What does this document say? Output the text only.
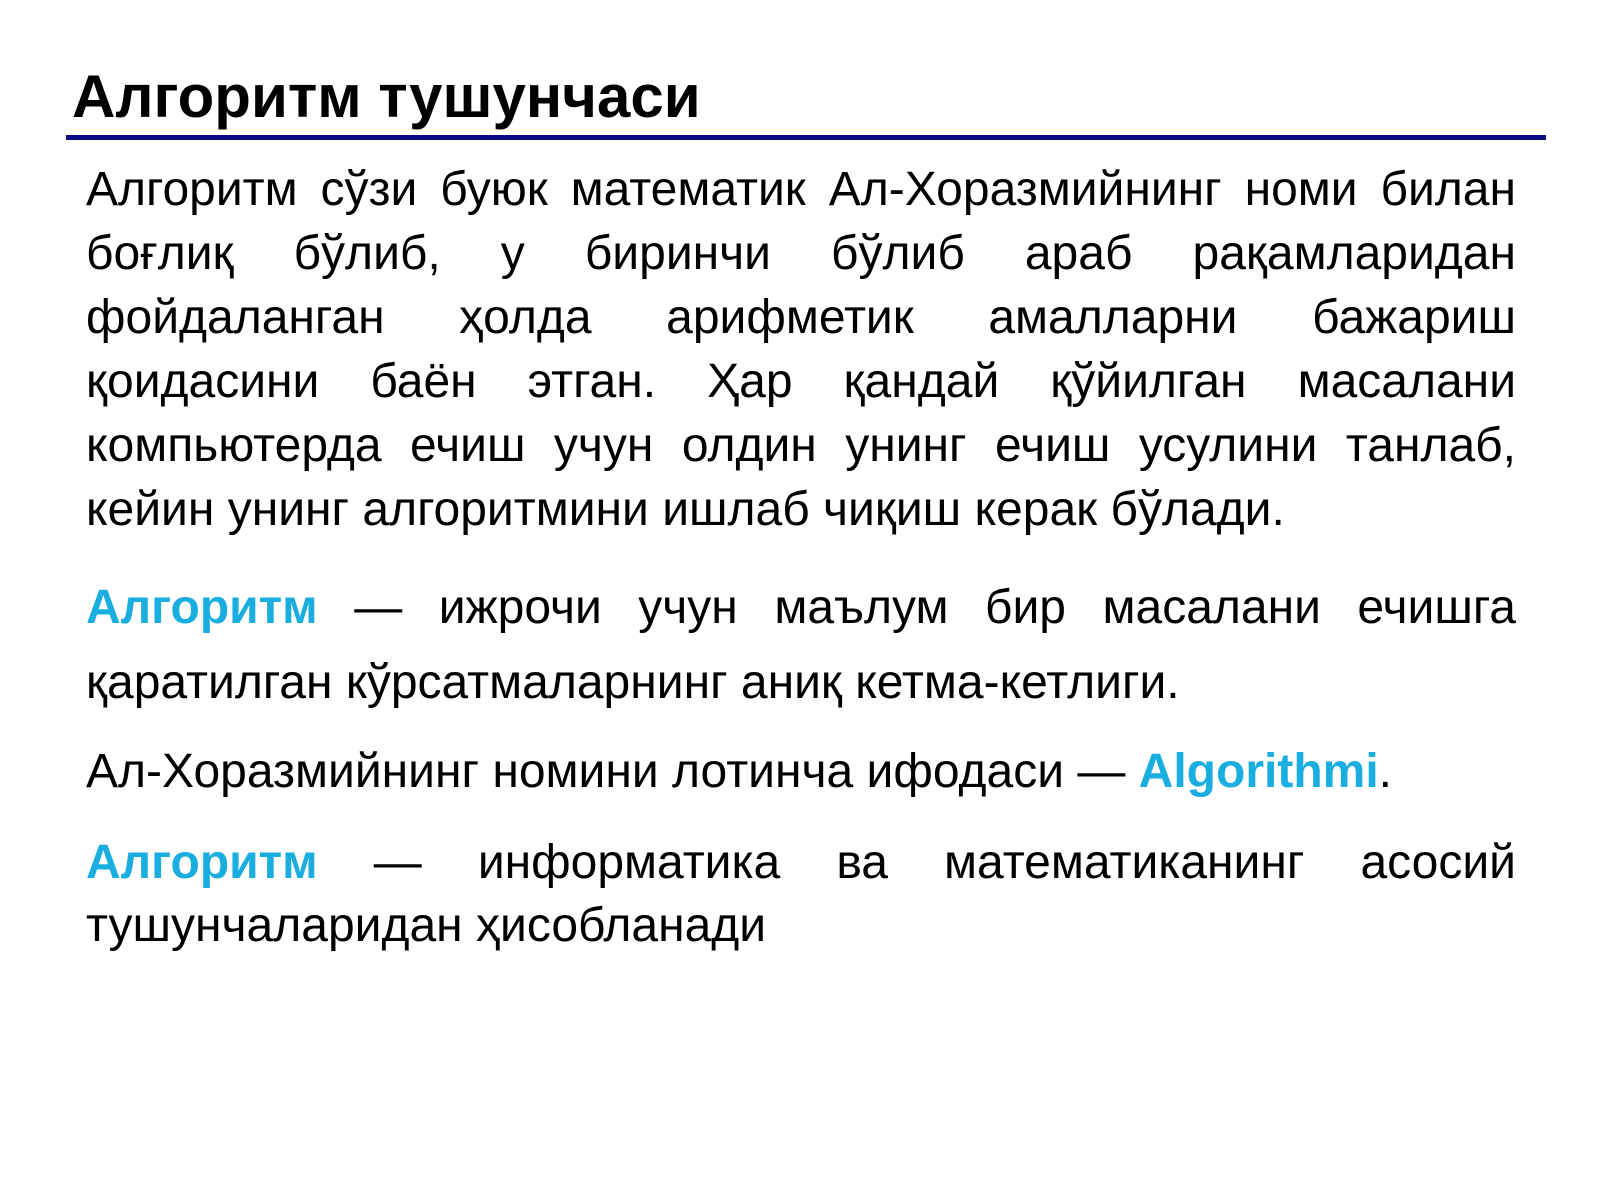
Алгоритм тушунчаси

Алгоритм сўзи буюк математик Ал-Хоразмийнинг номи билан боғлиқ бўлиб, у биринчи бўлиб араб рақамларидан фойдаланган ҳолда арифметик амалларни бажариш қоидасини баён этган. Ҳар қандай қўйилган масалани компьютерда ечиш учун олдин унинг ечиш усулини танлаб, кейин унинг алгоритмини ишлаб чиқиш керак бўлади.

Алгоритм — ижрочи учун маълум бир масалани ечишга қаратилган кўрсатмаларнинг аниқ кетма-кетлиги.

Ал-Хоразмийнинг номини лотинча ифодаси — Algorithmi.

Алгоритм — информатика ва математиканинг асосий тушунчаларидан ҳисобланади
